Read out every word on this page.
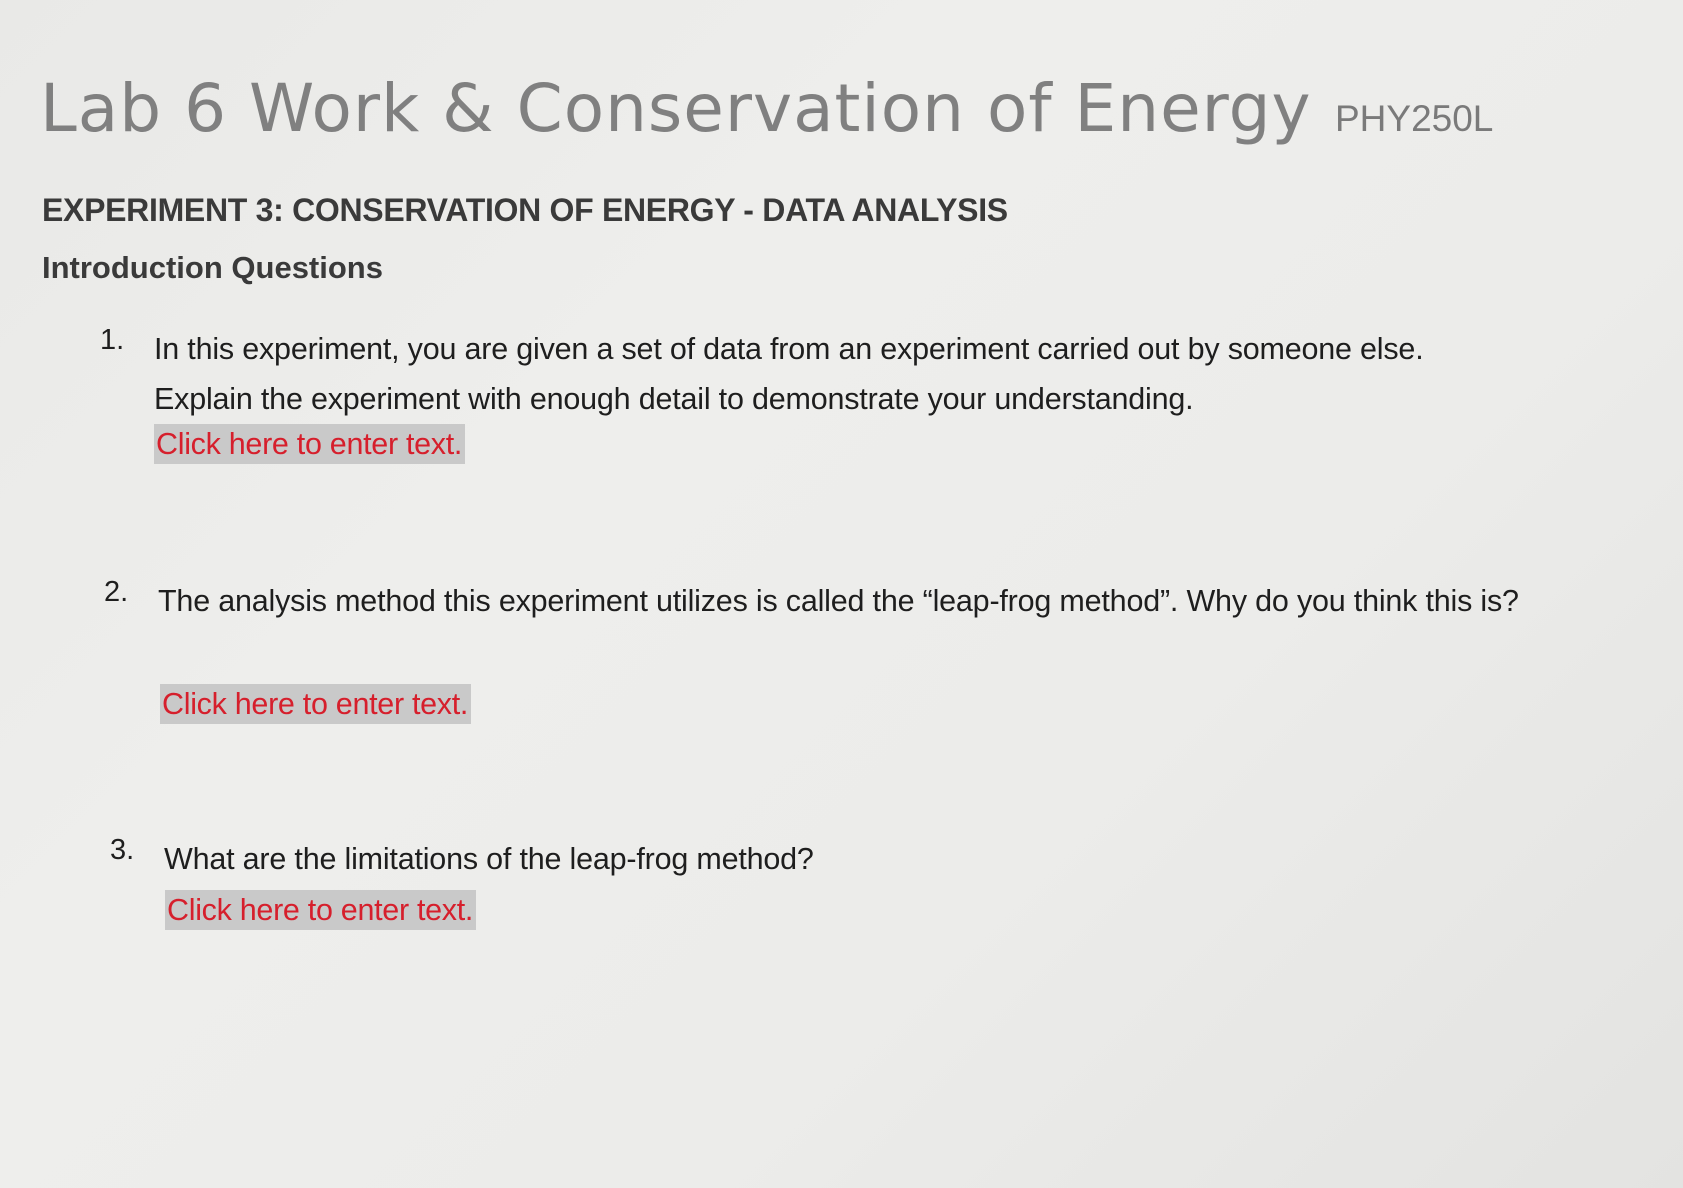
Lab 6 Work & Conservation of Energy PHY250L
EXPERIMENT 3: CONSERVATION OF ENERGY - DATA ANALYSIS
Introduction Questions
1. In this experiment, you are given a set of data from an experiment carried out by someone else. Explain the experiment with enough detail to demonstrate your understanding.
Click here to enter text.
2. The analysis method this experiment utilizes is called the “leap-frog method”. Why do you think this is?
Click here to enter text.
3. What are the limitations of the leap-frog method?
Click here to enter text.
